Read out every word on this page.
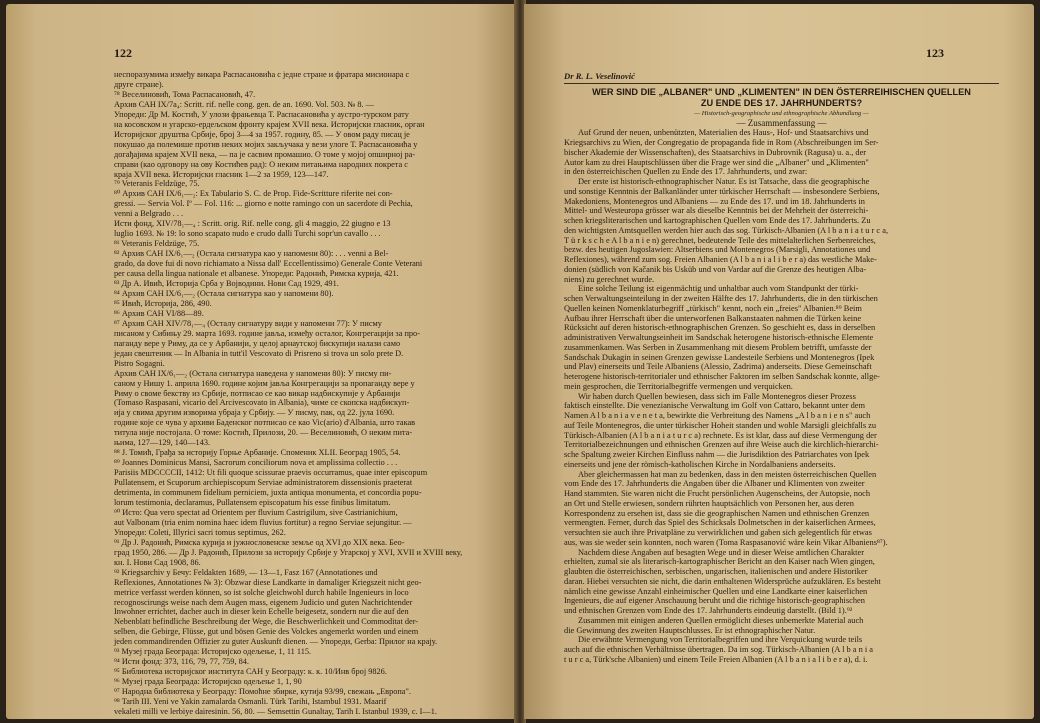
122

неспоразумима између викара Распасановића с једне стране и фратара мисионара с

друге стране).

⁷⁸ Веселиновић, Тома Распасановић, 47.

Архив САН IX/7а₄: Scritt. rif. nelle cong. gen. de an. 1690. Vol. 503. № 8. —

Упореди: Др М. Костић, У улози фрањевца Т. Распасановића у аустро-турском рату

на косовском и угарско-ердељском фронту крајем XVII века. Историјски гласник, орган

Историјског друштва Србије, број 3—4 за 1957. годину, 85. — У овом раду писац је

покушао да полемише против неких мојих закључака у вези улоге Т. Распасановића у

догађајима крајем XVII века, — па је сасвим промашио. О томе у мојој опширној ра-

справи (као одговору на ову Костићев рад): О неким питањима народних покрета с

краја XVII века. Историјски гласник 1—2 за 1959, 123—147.

⁷⁹ Veteranis Feldzüge, 75.

⁸⁰ Архив САН IX/6₁—₂: Ex Tabulario S. C. de Prop. Fide-Scritture riferite nei con-

gressi. — Servia Vol. Iº — Fol. 116: ... giorno e notte ramingo con un sacerdote di Pechia,

venni a Belgrado . . .

Исти фонд, XIV/78₁—₄ : Scritt. orig. Rif. nelle cong. gli 4 maggio, 22 giugno e 13

luglio 1693. № 19: lo sono scapato nudo e crudo dalli Turchi sopr'un cavallo . . .

⁸¹ Veteranis Feldzüge, 75.

⁸² Архив САН IX/6₁—₂ (Остала сигнатура као у напомени 80): . . . venni a Bel-

grado, da dove fui di novo richiamato a Nissa dall' Eccellentissimo) Generale Conte Veterani

per causa della lingua nationale et albanese. Упореди: Радонић, Римска курија, 421.

⁸³ Др А. Ивић, Историја Срба у Војводини. Нови Сад 1929, 491.

⁸⁴ Архив САН IX/6₁—₂ (Остала сигнатура као у напомени 80).

⁸⁵ Ивић, Историја, 286, 490.

⁸⁶ Архив САН VI/88—89.

⁸⁷ Архив САН XIV/78₁—₄ (Осталу сигнатуру види у напомени 77): У писму

писаном у Сибињу 29. марта 1693. године јавља, између осталог, Конгрегацији за про-

паганду вере у Риму, да се у Арбанији, у целој арнаутској бискупији налази само

један свештеник — In Albania in tutt'il Vescovato di Prisreno si trova un solo prete D.

Pistro Sogagni.

Архив САН IX/6₁—₂ (Остала сигнатура наведена у напомени 80): У писму пи-

саном у Нишу 1. априла 1690. године којим јавља Конгрегацији за пропаганду вере у

Риму о своме бекству из Србије, потписао се као викар надбискупије у Арбанији

(Tomaso Raspasani, vicario del Arcivescovato in Albania), чиме се скопска надбискуп-

ија у свима другим изворима убраја у Србију. — У писму, пак, од 22. јула 1690.

године које се чува у архиви Баденског потписао се као Vic(ario) d'Albania, што такав

титула није постојала. О томе: Костић, Прилози, 20. — Веселиновић, О неким пита-

њима, 127—129, 140—143.

⁸⁸ J. Томић, Грађа за историју Горње Арбаније. Споменик XLII. Београд 1905, 54.

⁸⁹ Joannes Dominicus Mansi, Sacrorum conciliorum nova et amplissima collectio . . .

Parisiis MDCCCCII, 1412: Ut fili quoque scissurae praevis occurramus, quae inter episcopum

Pullatensem, et Scuporum archiepiscopum Serviae administratorem dissensionis praeterat

detrimenta, in communem fidelium perniciem, juxta antiqua monumenta, et concordia popu-

lorum testimonia, declaramus, Pullatensem episcopatum his esse finibus limitatum.

⁹⁰ Исто: Qua vero spectat ad Orientem per fluvium Castrigilum, sive Castrianichium,

aut Valbonam (tria enim nomina haec idem fluvius fortitur) a regno Serviae sejungitur. —

Упореди: Coleti, Illyrici sacri tomus septimus, 262.

⁹¹ Др J. Радонић, Римска курија и јужнословенске земље од XVI до XIX века. Бео-

град 1950, 286. — Др Ј. Радонић, Прилози за историју Србије у Угарској у XVI, XVII и XVIII веку,

кн. I. Нови Сад 1908, 86.

⁹² Kriegsarchiv у Бечу: Feldakten 1689, — 13—1, Fasz 167 (Annotationes und

Reflexiones, Annotationes № 3): Obzwar diese Landkarte in damaliger Kriegszeit nicht geo-

metrice verfasst werden können, so ist solche gleichwohl durch habile Ingenieurs in loco

recognoscirungs weise nach dem Augen mass, eigenem Judicio und guten Nachrichtender

Inwohner errichtet, dacher auch in dieser kein Echelle beigesetz, sondern nur die auf den

Nebenblatt befindliche Beschreibung der Wege, die Beschwerlichkeit und Commoditat der-

selben, die Gebirge, Flüsse, gut und bösen Genie des Volckes angemerkt worden und einem

jeden commandirenden Offizier zu guter Auskunft dienen. — Упореди, Gerba: Прилог на крају.

⁹³ Музеј града Београда: Историјско одељење, 1, 11 115.

⁹⁴ Исти фонд: 373, 116, 79, 77, 759, 84.

⁹⁵ Библиотека историјског института САН у Београду: к. к. 10/Инв број 9826.

⁹⁶ Музеј града Београда: Историјско одељење 1, 1, 90

⁹⁷ Народна библиотека у Београду: Помоћне збирке, кутија 93/99, свежањ „Европа".

⁹⁸ Tarih III. Yeni ve Yakin zamalarda Osmanli. Türk Tarihi, Istambul 1931. Maarif

vekaleti milli ve lerbiye dairesinin. 56, 80. — Semsettin Gunaltay, Tarih I. Istanbul 1939, c. I—1.

123
Dr R. L. Veselinović

WER SIND DIE „ALBANER" UND „KLIMENTEN" IN DEN ÖSTERREIHISCHEN QUELLEN
ZU ENDE DES 17. JAHRHUNDERTS?

— Historisch-geographische und ethnographische Abhandlung —

— Zusammenfassung —

Auf Grund der neuen, unbenützten, Materialien des Haus-, Hof- und Staatsarchivs und

Kriegsarchivs zu Wien, der Congregatio de propaganda fide in Rom (Abschreibungen im Ser-

bischer Akademie der Wissenschaften), des Staatsarchivs in Dubrovnik (Ragusa) u. a., der

Autor kam zu drei Hauptschlüssen über die Frage wer sind die „Albaner" und „Klimenten"

in den österreichischen Quellen zu Ende des 17. Jahrhunderts, und zwar:

Der erste ist historisch-ethnographischer Natur. Es ist Tatsache, dass die geographische

und sonstige Kenntnis der Balkanländer unter türkischer Herrschaft — insbesondere Serbiens,

Makedoniens, Montenegros und Albaniens — zu Ende des 17. und im 18. Jahrhunderts in

Mittel- und Westeuropa grösser war als dieselbe Kenntnis bei der Mehrheit der österreichi-

schen kriegsliterarischen und kartographischen Quellen vom Ende des 17. Jahrhunderts. Zu

den wichtigsten Amtsquellen werden hier auch das sog. Türkisch-Albanien (A l b a n i a t u r c a,

T ü r k s c h e A l b a n i e n) gerechnet, bedeutende Teile des mittelalterlichen Serbenreiches,

bezw. des heutigen Jugoslawien: Altserbiens und Montenegros (Marsigli, Annotationes und

Reflexiones), während zum sog. Freien Albanien (A l b a n i a l i b e r a) das westliche Make-

donien (südlich von Kačanik bis Usküb und von Vardar auf die Grenze des heutigen Alba-

niens) zu gerechnet wurde.

Eine solche Teilung ist eigenmächtig und unhaltbar auch vom Standpunkt der türki-

schen Verwaltungseinteilung in der zweiten Hälfte des 17. Jahrhunderts, die in den türkischen

Quellen keinen Nomenklaturbegriff „türkisch" kennt, noch ein „freies" Albanien.⁸⁹ Beim

Aufbau ihrer Herrschaft über die unterworfenen Balkanstaaten nahmen die Türken keine

Rücksicht auf deren historisch-ethnographischen Grenzen. So geschieht es, dass in derselben

administrativen Verwaltungseinheit im Sandschak heterogene historisch-ethnische Elemente

zusammenkamen. Was Serben in Zusammenhang mit diesem Problem betrifft, umfasste der

Sandschak Dukagin in seinen Grenzen gewisse Landesteile Serbiens und Montenegros (Ipek

und Plav) einerseits und Teile Albaniens (Alessio, Zadrima) anderseits. Diese Gemeinschaft

heterogene historisch-territorialer und ethnischer Faktoren im selben Sandschak konnte, allge-

mein gesprochen, die Territorialbegriffe vermengen und verquicken.

Wir haben durch Quellen bewiesen, dass sich im Falle Montenegros dieser Prozess

faktisch einstellte. Die venezianische Verwaltung im Golf von Cattaro, bekannt unter dem

Namen A l b a n i a v e n e t a, bewirkte die Verbreitung des Namens „A l b a n i e n s" auch

auf Teile Montenegros, die unter türkischer Hoheit standen und wohle Marsigli gleichfalls zu

Türkisch-Albanien (A l b a n i a t u r c a) rechnete. Es ist klar, dass auf diese Vermengung der

Territorialbezeichnungen und ethnischen Grenzen auf ihre Weise auch die kirchlich-hierarchi-

sche Spaltung zweier Kirchen Einfluss nahm — die Jurisdiktion des Patriarchates von Ipek

einerseits und jene der römisch-katholischen Kirche in Nordalbaniens anderseits.

Aber gleichermassen hat man zu bedenken, dass in den meisten österreichischen Quellen

vom Ende des 17. Jahrhunderts die Angaben über die Albaner und Klimenten von zweiter

Hand stammten. Sie waren nicht die Frucht persönlichen Augenscheins, der Autopsie, noch

an Ort und Stelle erwiesen, sondern rührten hauptsächlich von Personen her, aus deren

Korrespondenz zu ersehen ist, dass sie die geographischen Namen und ethnischen Grenzen

vermengten. Ferner, durch das Spiel des Schicksals Dolmetschen in der kaiserlichen Armees,

versuchten sie auch ihre Privatpläne zu verwirklichen und gaben sich gelegentlich für etwas

aus, was sie weder sein konnten, noch waren (Toma Raspasanović wäre kein Vikar Albaniens⁸⁷).

Nachdem diese Angaben auf besagten Wege und in dieser Weise amtlichen Charakter

erhielten, zumal sie als literarisch-kartographischer Bericht an den Kaiser nach Wien gingen,

glaubten die österreichischen, serbischen, ungarischen, italienischen und andere Historiker

daran. Hiebei versuchten sie nicht, die darin enthaltenen Widersprüche aufzuklären. Es besteht

nämlich eine gewisse Anzahl einheimischer Quellen und eine Landkarte einer kaiserlichen

Ingenieurs, die auf eigener Anschauung beruht und die richtige historisch-geographischen

und ethnischen Grenzen vom Ende des 17. Jahrhunderts eindeutig darstellt. (Bild 1).⁹²

Zusammen mit einigen anderen Quellen ermöglicht dieses unbemerkte Material auch

die Gewinnung des zweiten Hauptschlusses. Er ist ethnographischer Natur.

Die erwähnte Vermengung von Territorialbegriffen und ihre Verquickung wurde teils

auch auf die ethnischen Verhältnisse übertragen. Da im sog. Türkisch-Albanien (A l b a n i a

t u r c a, Türk'sche Albanien) und einem Teile Freien Albanien (A l b a n i a l i b e r a), d. i.
